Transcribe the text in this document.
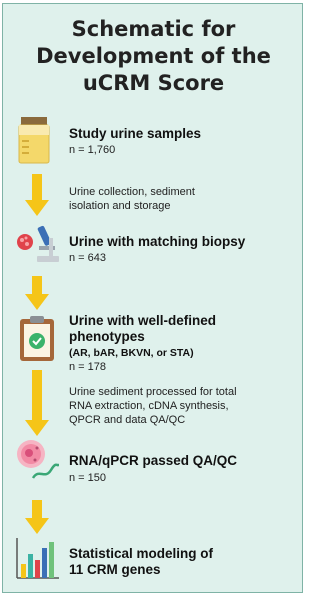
Schematic for
Development of the
uCRM Score
Study urine samples
n = 1,760
Urine collection, sediment
isolation and storage
Urine with matching biopsy
n = 643
Urine with well-defined
phenotypes
(AR, bAR, BKVN, or STA)
n = 178
Urine sediment processed for total
RNA extraction, cDNA synthesis,
QPCR and data QA/QC
RNA/qPCR passed QA/QC
n = 150
Statistical modeling of
11 CRM genes
